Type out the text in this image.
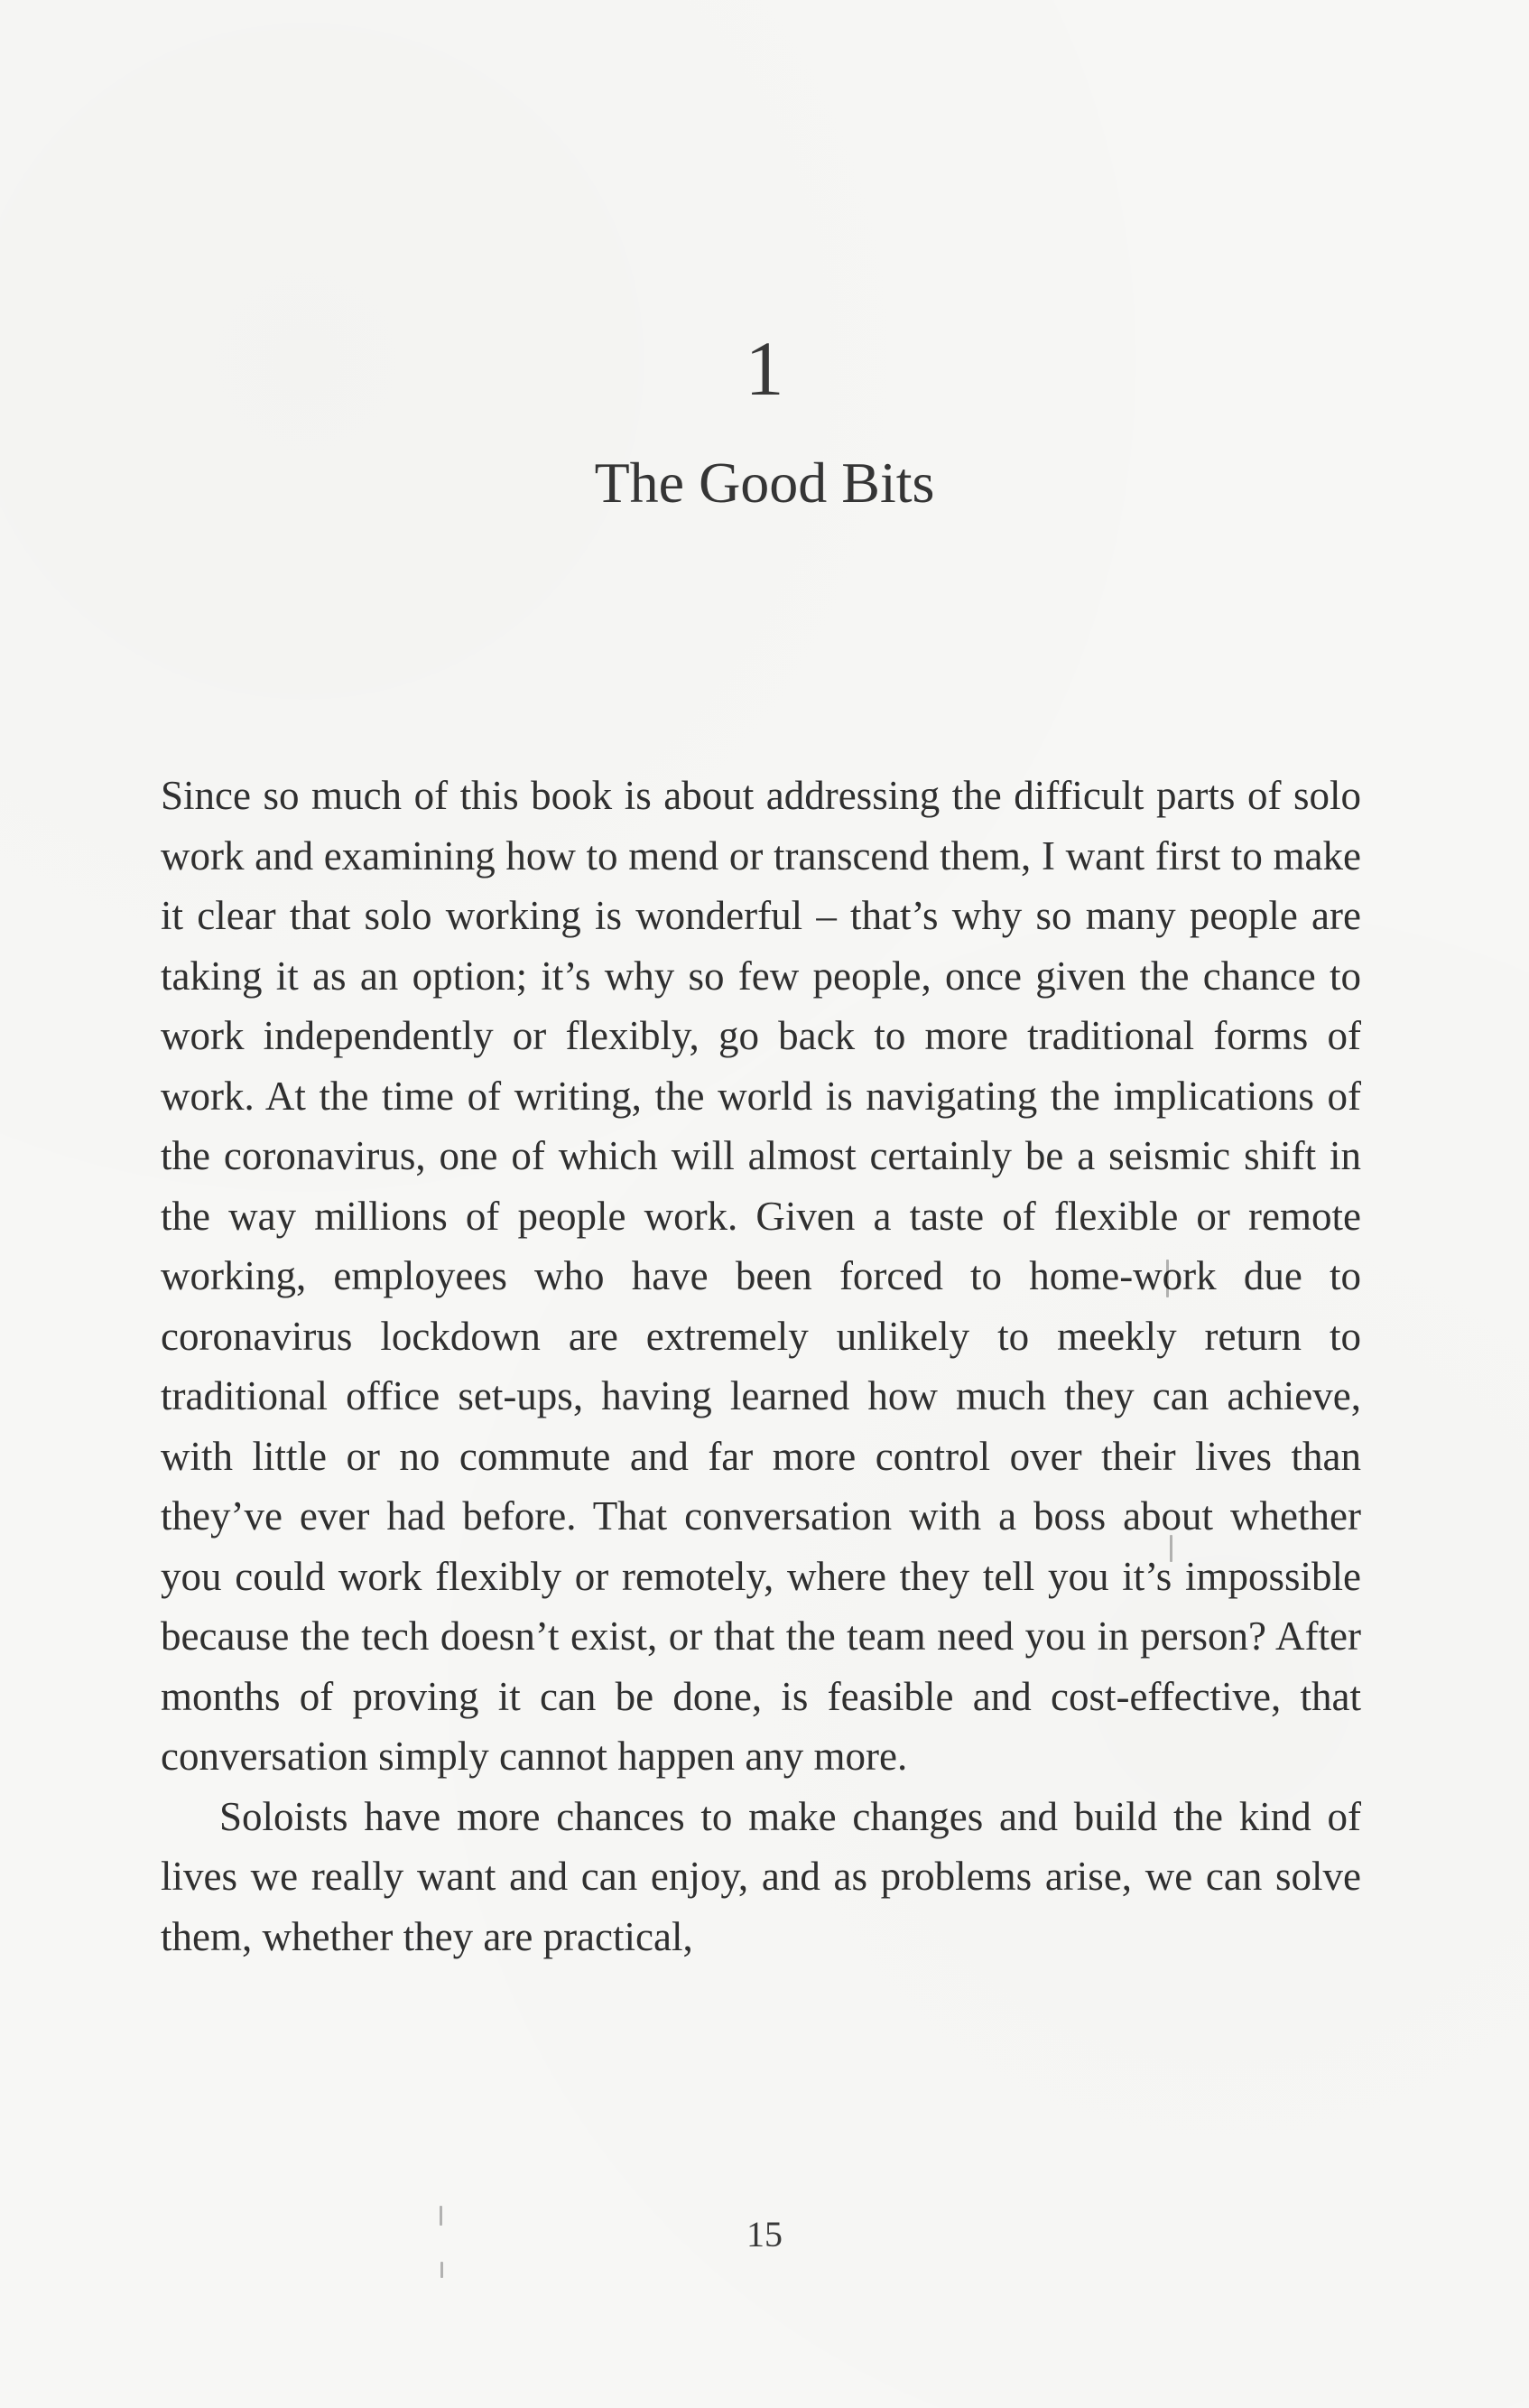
1
The Good Bits

Since so much of this book is about addressing the difficult parts of solo work and examining how to mend or transcend them, I want first to make it clear that solo working is wonderful – that’s why so many people are taking it as an option; it’s why so few people, once given the chance to work independently or flexibly, go back to more traditional forms of work. At the time of writing, the world is navigating the implications of the coronavirus, one of which will almost certainly be a seismic shift in the way millions of people work. Given a taste of flexible or remote working, employees who have been forced to home-work due to coronavirus lockdown are extremely unlikely to meekly return to traditional office set-ups, having learned how much they can achieve, with little or no commute and far more control over their lives than they’ve ever had before. That conversation with a boss about whether you could work flexibly or remotely, where they tell you it’s impossible because the tech doesn’t exist, or that the team need you in person? After months of proving it can be done, is feasible and cost-effective, that conversation simply cannot happen any more.

Soloists have more chances to make changes and build the kind of lives we really want and can enjoy, and as problems arise, we can solve them, whether they are practical,

15
